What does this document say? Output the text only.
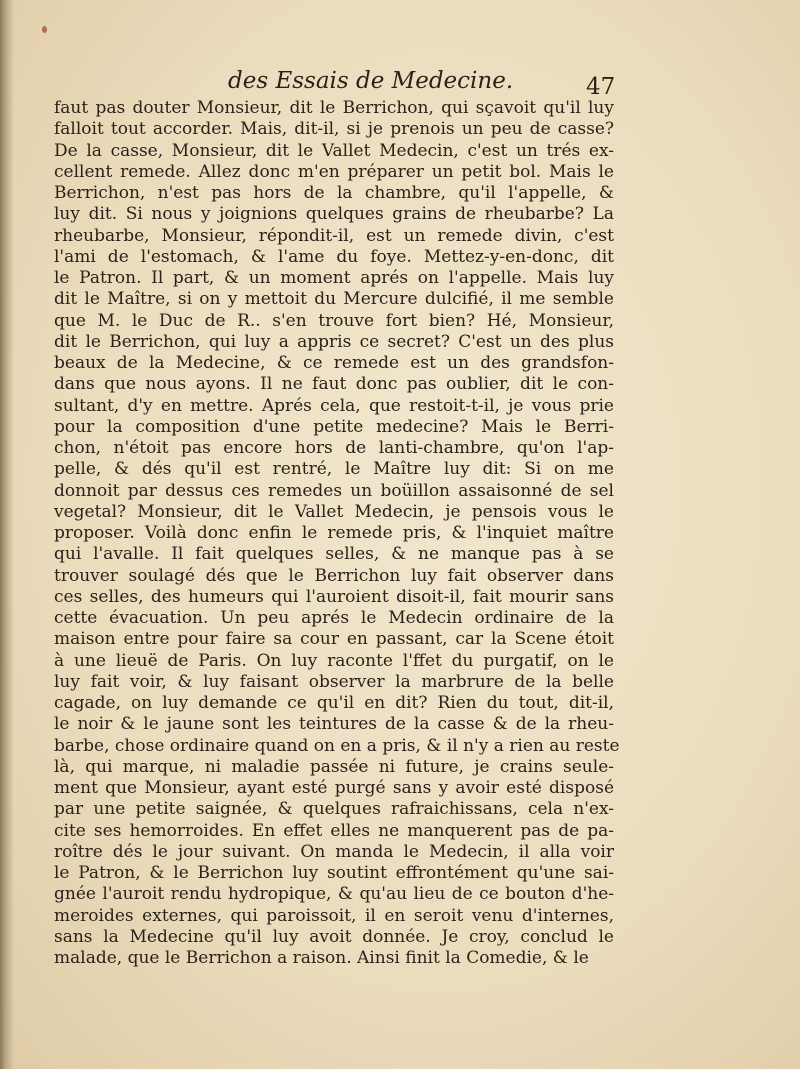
des Essais de Medecine.	47
faut pas douter Monsieur, dit le Berrichon, qui sçavoit qu'il luy
falloit tout accorder. Mais, dit-il, si je prenois un peu de casse?
De la casse, Monsieur, dit le Vallet Medecin, c'est un trés ex-
cellent remede. Allez donc m'en préparer un petit bol. Mais le
Berrichon, n'est pas hors de la chambre, qu'il l'appelle, &
luy dit. Si nous y joignions quelques grains de rheubarbe? La
rheubarbe, Monsieur, répondit-il, est un remede divin, c'est
l'ami de l'estomach, & l'ame du foye. Mettez-y-en-donc, dit
le Patron. Il part, & un moment aprés on l'appelle. Mais luy
dit le Maître, si on y mettoit du Mercure dulcifié, il me semble
que M. le Duc de R.. s'en trouve fort bien? Hé, Monsieur,
dit le Berrichon, qui luy a appris ce secret? C'est un des plus
beaux de la Medecine, & ce remede est un des grandsfon-
dans que nous ayons. Il ne faut donc pas oublier, dit le con-
sultant, d'y en mettre. Aprés cela, que restoit-t-il, je vous prie
pour la composition d'une petite medecine? Mais le Berri-
chon, n'étoit pas encore hors de lanti-chambre, qu'on l'ap-
pelle, & dés qu'il est rentré, le Maître luy dit: Si on me
donnoit par dessus ces remedes un boüillon assaisonné de sel
vegetal? Monsieur, dit le Vallet Medecin, je pensois vous le
proposer. Voilà donc enfin le remede pris, & l'inquiet maître
qui l'avalle. Il fait quelques selles, & ne manque pas à se
trouver soulagé dés que le Berrichon luy fait observer dans
ces selles, des humeurs qui l'auroient disoit-il, fait mourir sans
cette évacuation. Un peu aprés le Medecin ordinaire de la
maison entre pour faire sa cour en passant, car la Scene étoit
à une lieuë de Paris. On luy raconte l'ffet du purgatif, on le
luy fait voir, & luy faisant observer la marbrure de la belle
cagade, on luy demande ce qu'il en dit? Rien du tout, dit-il,
le noir & le jaune sont les teintures de la casse & de la rheu-
barbe, chose ordinaire quand on en a pris, & il n'y a rien au reste
là, qui marque, ni maladie passée ni future, je crains seule-
ment que Monsieur, ayant esté purgé sans y avoir esté disposé
par une petite saignée, & quelques rafraichissans, cela n'ex-
cite ses hemorroides. En effet elles ne manquerent pas de pa-
roître dés le jour suivant. On manda le Medecin, il alla voir
le Patron, & le Berrichon luy soutint effrontément qu'une sai-
gnée l'auroit rendu hydropique, & qu'au lieu de ce bouton d'he-
meroides externes, qui paroissoit, il en seroit venu d'internes,
sans la Medecine qu'il luy avoit donnée. Je croy, conclud le
malade, que le Berrichon a raison. Ainsi finit la Comedie, & le
